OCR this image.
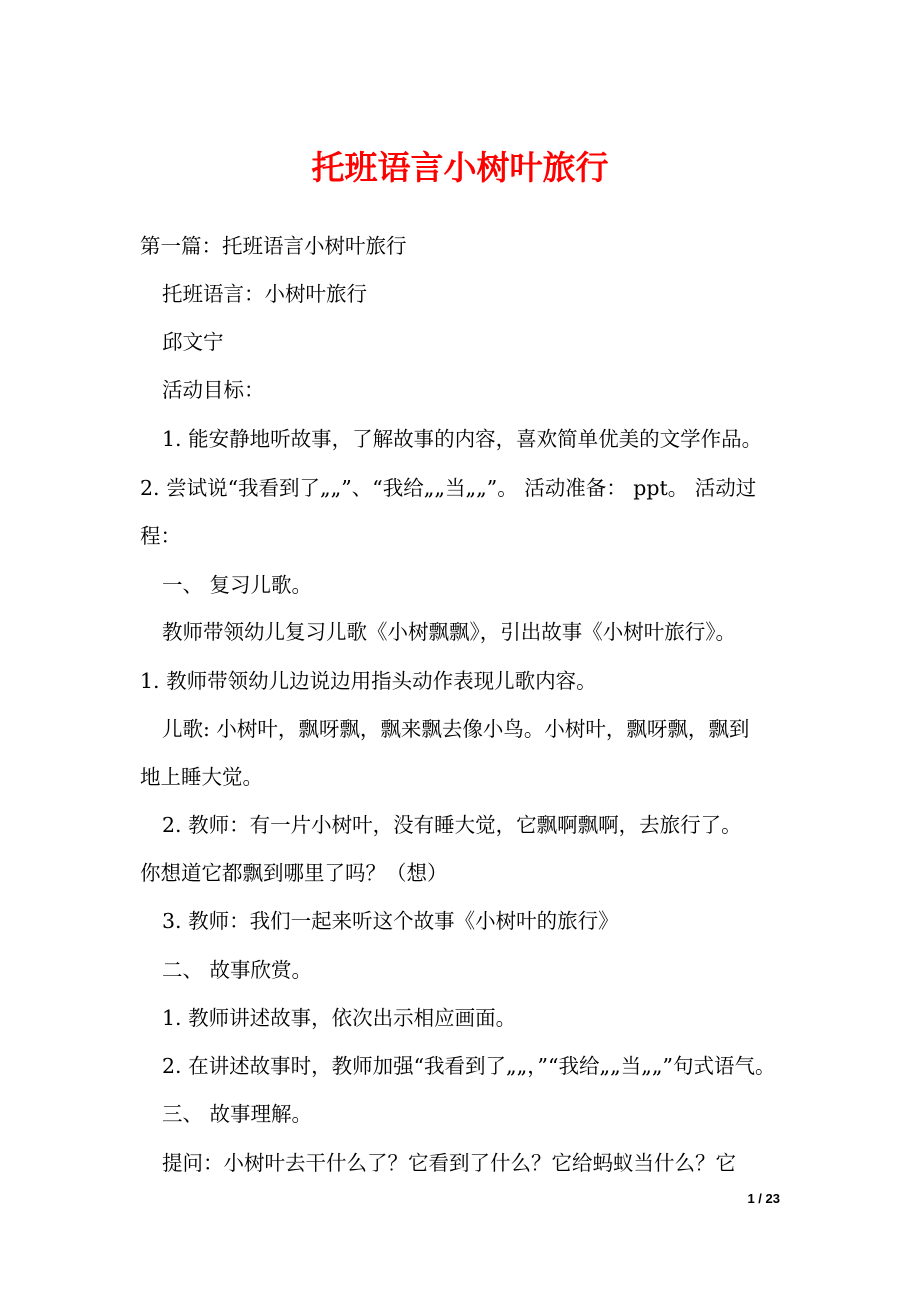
托班语言小树叶旅行

第一篇：托班语言小树叶旅行

托班语言：小树叶旅行

邱文宁

活动目标：

1. 能安静地听故事，了解故事的内容，喜欢简单优美的文学作品。

2. 尝试说“我看到了„„”、“我给„„当„„”。 活动准备： ppt。 活动过

程：

一、 复习儿歌。

教师带领幼儿复习儿歌《小树飘飘》，引出故事《小树叶旅行》。

1. 教师带领幼儿边说边用指头动作表现儿歌内容。

儿歌: 小树叶，飘呀飘，飘来飘去像小鸟。小树叶，飘呀飘，飘到

地上睡大觉。

2. 教师：有一片小树叶，没有睡大觉，它飘啊飘啊，去旅行了。

你想道它都飘到哪里了吗？（想）

3. 教师：我们一起来听这个故事《小树叶的旅行》

二、 故事欣赏。

1. 教师讲述故事，依次出示相应画面。

2. 在讲述故事时，教师加强“我看到了„„，”“我给„„当„„”句式语气。

三、 故事理解。

提问：小树叶去干什么了？它看到了什么？它给蚂蚁当什么？它

1 / 23
